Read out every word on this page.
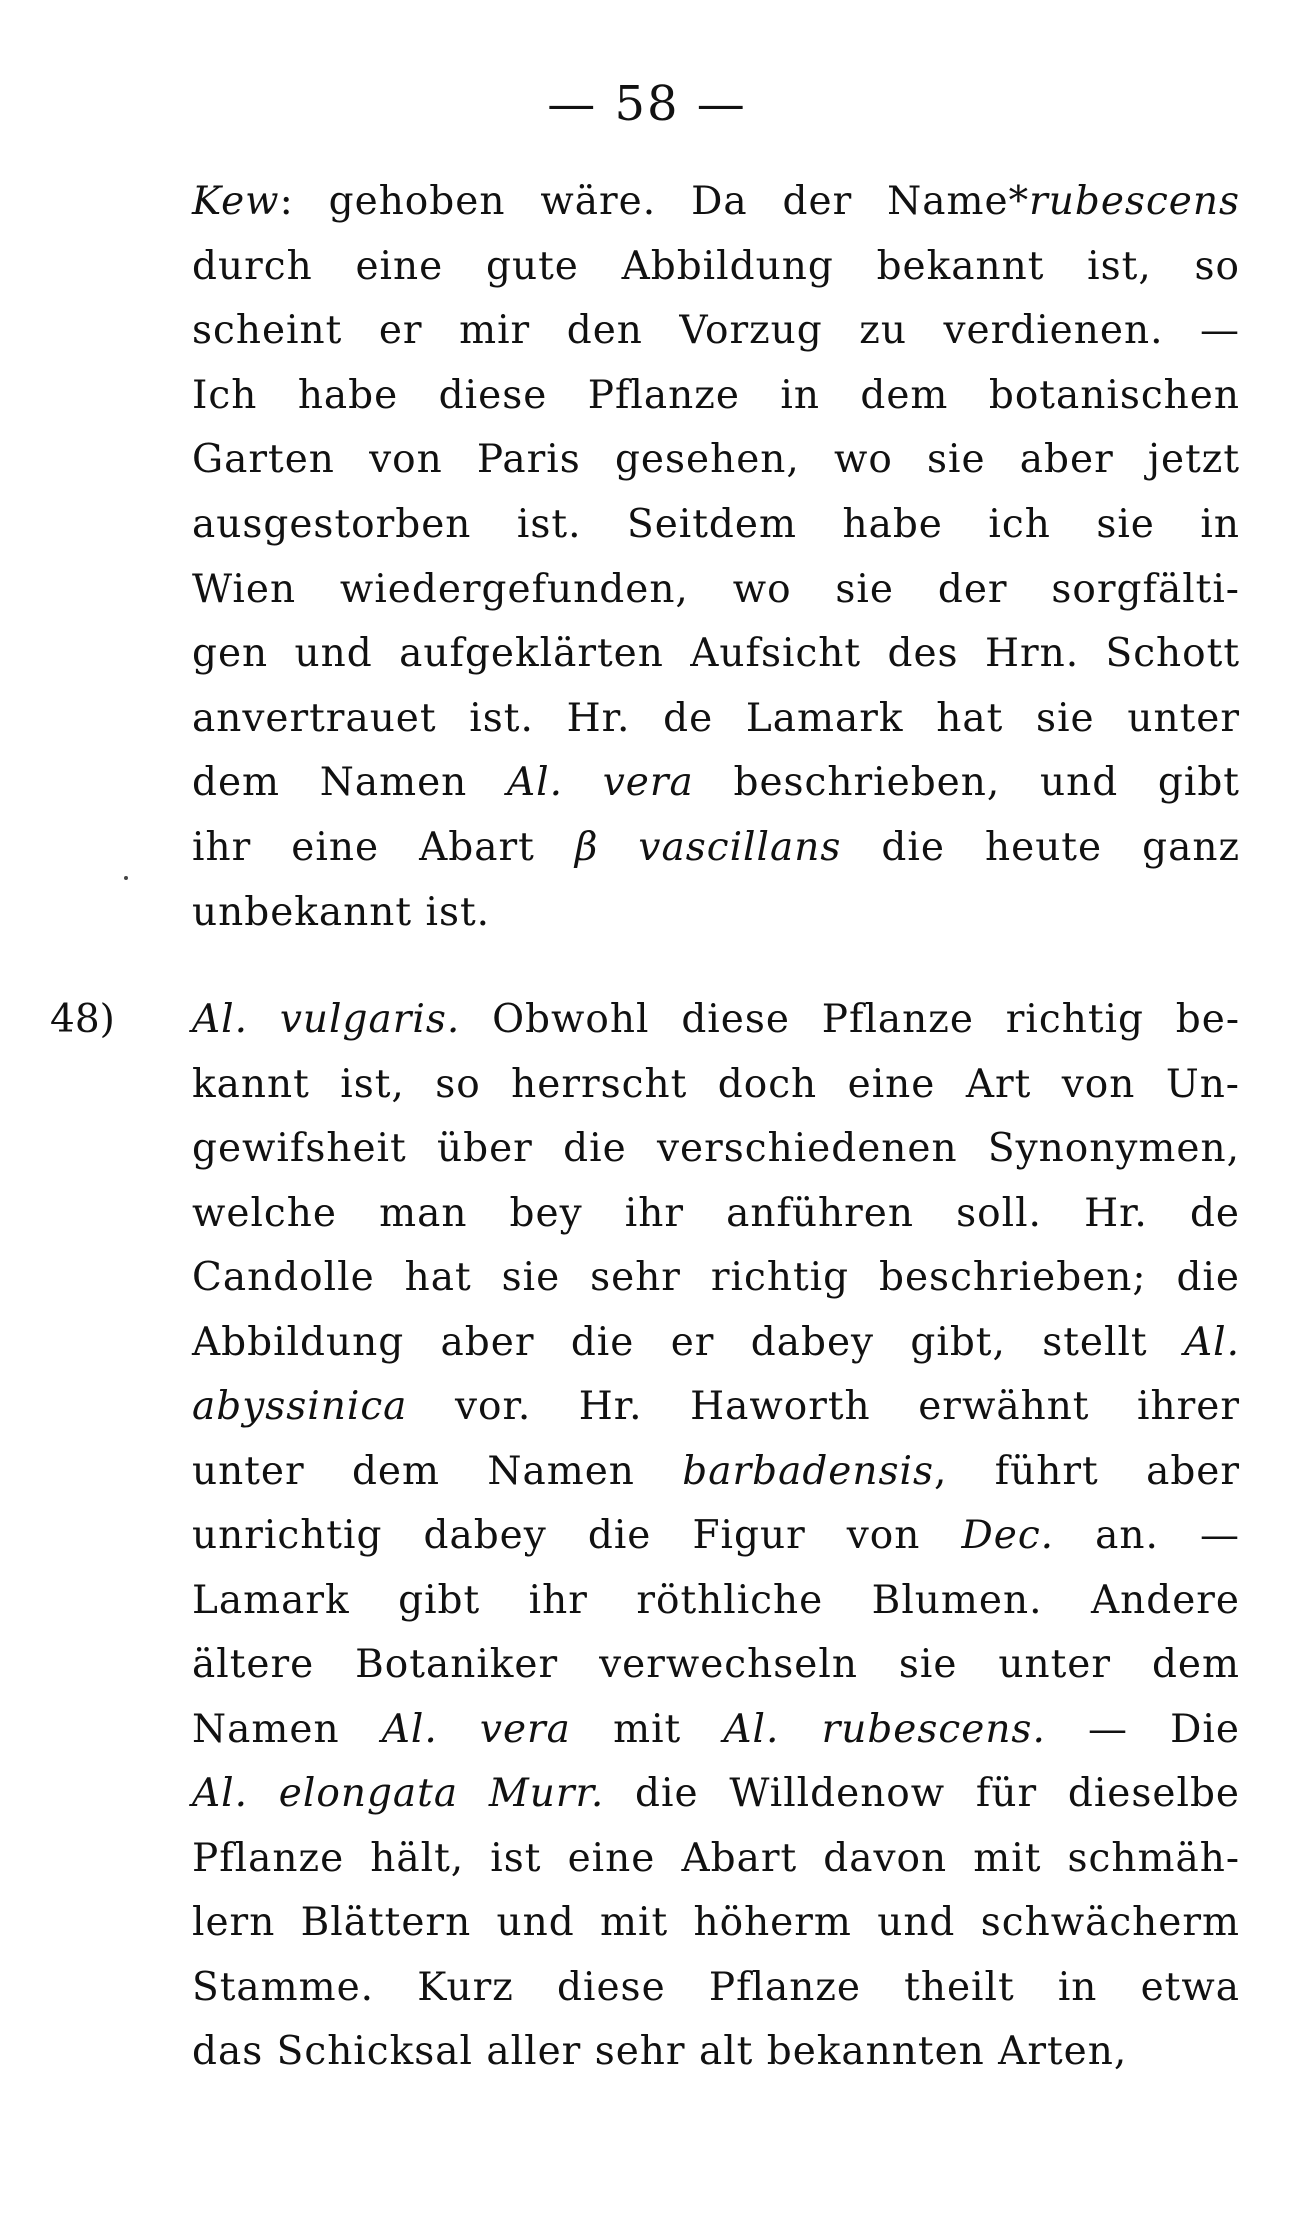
— 58 —
Kew: gehoben wäre. Da der Name*rubescens
durch eine gute Abbildung bekannt ist, so
scheint er mir den Vorzug zu verdienen. —
Ich habe diese Pflanze in dem botanischen
Garten von Paris gesehen, wo sie aber jetzt
ausgestorben ist. Seitdem habe ich sie in
Wien wiedergefunden, wo sie der sorgfälti-
gen und aufgeklärten Aufsicht des Hrn. Schott
anvertrauet ist. Hr. de Lamark hat sie unter
dem Namen Al. vera beschrieben, und gibt
ihr eine Abart β vascillans die heute ganz
unbekannt ist.
48) Al. vulgaris. Obwohl diese Pflanze richtig be-
kannt ist, so herrscht doch eine Art von Un-
gewifsheit über die verschiedenen Synonymen,
welche man bey ihr anführen soll. Hr. de
Candolle hat sie sehr richtig beschrieben; die
Abbildung aber die er dabey gibt, stellt Al.
abyssinica vor. Hr. Haworth erwähnt ihrer
unter dem Namen barbadensis, führt aber
unrichtig dabey die Figur von Dec. an. —
Lamark gibt ihr röthliche Blumen. Andere
ältere Botaniker verwechseln sie unter dem
Namen Al. vera mit Al. rubescens. — Die
Al. elongata Murr. die Willdenow für dieselbe
Pflanze hält, ist eine Abart davon mit schmäh-
lern Blättern und mit höherm und schwächerm
Stamme. Kurz diese Pflanze theilt in etwa
das Schicksal aller sehr alt bekannten Arten,
